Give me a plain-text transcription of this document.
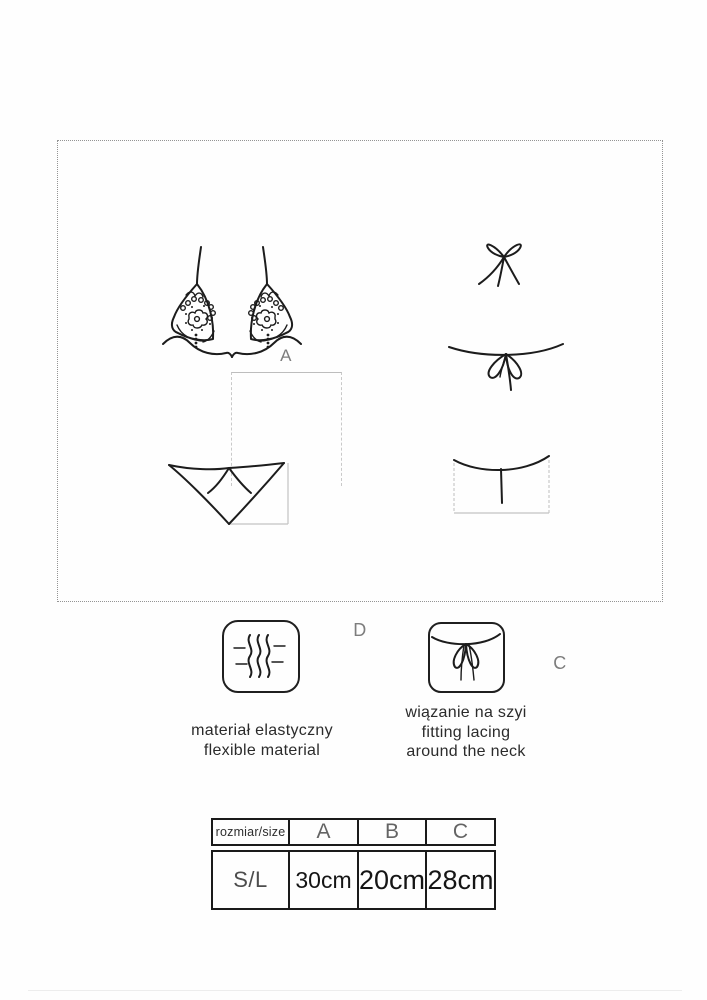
A
D
C
materiał elastyczny
flexible material
wiązanie na szyi
fitting lacing
around the neck
rozmiar/size	A	B	C
S/L	30cm 20cm 28cm
